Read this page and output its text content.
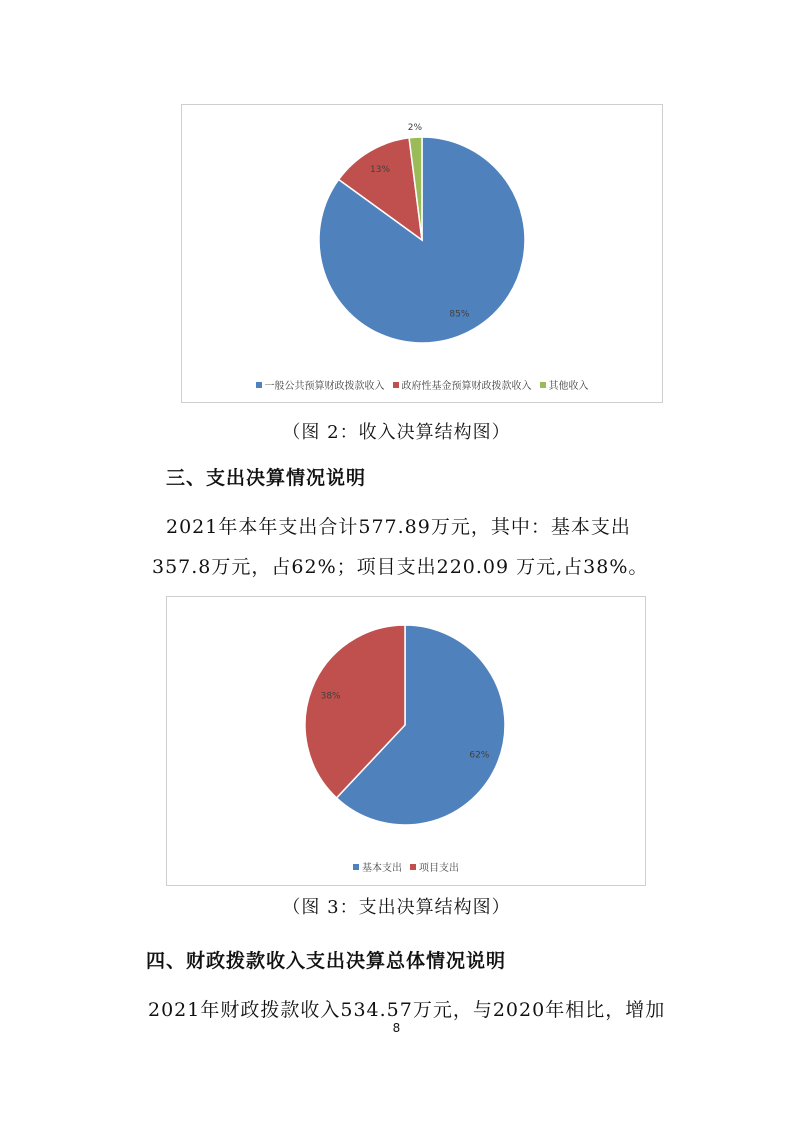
85%
13%
2%
一般公共预算财政拨款收入 政府性基金预算财政拨款收入 其他收入
（图 2：收入决算结构图）
三、支出决算情况说明
2021年本年支出合计577.89万元，其中：基本支出
357.8万元，占62%；项目支出220.09 万元,占38%。
62%
38%
基本支出 项目支出
（图 3：支出决算结构图）
四、财政拨款收入支出决算总体情况说明
2021年财政拨款收入534.57万元，与2020年相比，增加
8
